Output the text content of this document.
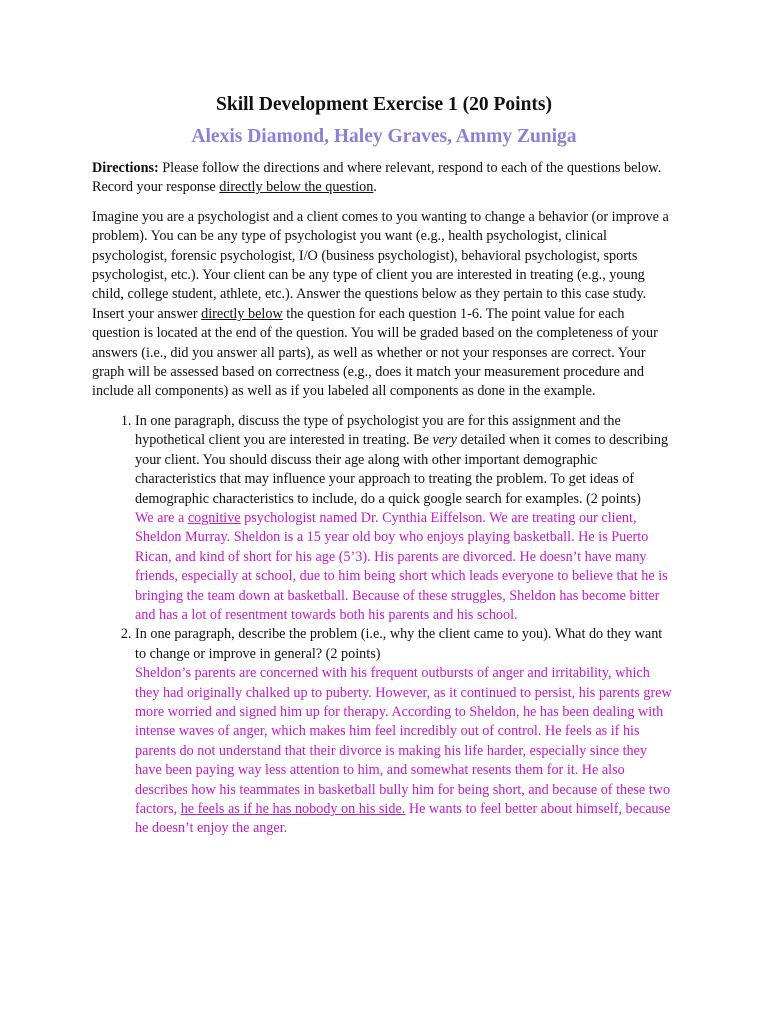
Skill Development Exercise 1 (20 Points)
Alexis Diamond, Haley Graves, Ammy Zuniga

Directions: Please follow the directions and where relevant, respond to each of the questions below. Record your response directly below the question.

Imagine you are a psychologist and a client comes to you wanting to change a behavior (or improve a problem). You can be any type of psychologist you want (e.g., health psychologist, clinical psychologist, forensic psychologist, I/O (business psychologist), behavioral psychologist, sports psychologist, etc.). Your client can be any type of client you are interested in treating (e.g., young child, college student, athlete, etc.). Answer the questions below as they pertain to this case study. Insert your answer directly below the question for each question 1-6. The point value for each question is located at the end of the question. You will be graded based on the completeness of your answers (i.e., did you answer all parts), as well as whether or not your responses are correct. Your graph will be assessed based on correctness (e.g., does it match your measurement procedure and include all components) as well as if you labeled all components as done in the example.

1. In one paragraph, discuss the type of psychologist you are for this assignment and the hypothetical client you are interested in treating. Be very detailed when it comes to describing your client. You should discuss their age along with other important demographic characteristics that may influence your approach to treating the problem. To get ideas of demographic characteristics to include, do a quick google search for examples. (2 points)
We are a cognitive psychologist named Dr. Cynthia Eiffelson. We are treating our client, Sheldon Murray. Sheldon is a 15 year old boy who enjoys playing basketball. He is Puerto Rican, and kind of short for his age (5’3). His parents are divorced. He doesn’t have many friends, especially at school, due to him being short which leads everyone to believe that he is bringing the team down at basketball. Because of these struggles, Sheldon has become bitter and has a lot of resentment towards both his parents and his school.
2. In one paragraph, describe the problem (i.e., why the client came to you). What do they want to change or improve in general? (2 points)
Sheldon’s parents are concerned with his frequent outbursts of anger and irritability, which they had originally chalked up to puberty. However, as it continued to persist, his parents grew more worried and signed him up for therapy. According to Sheldon, he has been dealing with intense waves of anger, which makes him feel incredibly out of control. He feels as if his parents do not understand that their divorce is making his life harder, especially since they have been paying way less attention to him, and somewhat resents them for it. He also describes how his teammates in basketball bully him for being short, and because of these two factors, he feels as if he has nobody on his side. He wants to feel better about himself, because he doesn’t enjoy the anger.
